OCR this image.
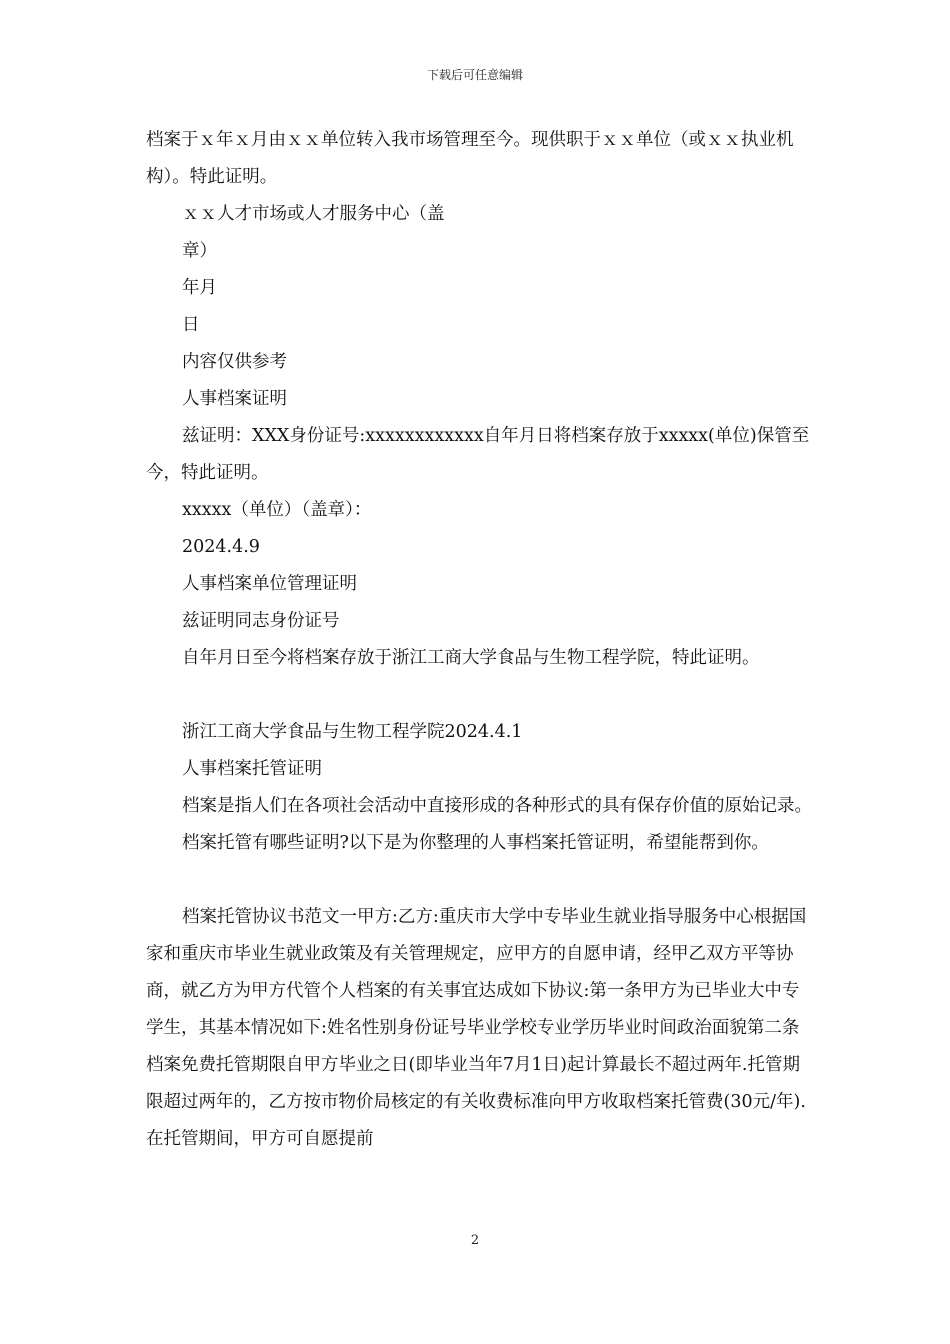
下载后可任意编辑

档案于ｘ年ｘ月由ｘｘ单位转入我市场管理至今。现供职于ｘｘ单位（或ｘｘ执业机构）。特此证明。

ｘｘ人才市场或人才服务中心（盖

章）

年月

日

内容仅供参考

人事档案证明

兹证明：XXX身份证号:xxxxxxxxxxxx自年月日将档案存放于xxxxx(单位)保管至今，特此证明。

xxxxx（单位）（盖章）：

2024.4.9

人事档案单位管理证明

兹证明同志身份证号

自年月日至今将档案存放于浙江工商大学食品与生物工程学院，特此证明。

浙江工商大学食品与生物工程学院2024.4.1

人事档案托管证明

档案是指人们在各项社会活动中直接形成的各种形式的具有保存价值的原始记录。

档案托管有哪些证明?以下是为你整理的人事档案托管证明，希望能帮到你。

档案托管协议书范文一甲方:乙方:重庆市大学中专毕业生就业指导服务中心根据国家和重庆市毕业生就业政策及有关管理规定，应甲方的自愿申请，经甲乙双方平等协商，就乙方为甲方代管个人档案的有关事宜达成如下协议:第一条甲方为已毕业大中专学生，其基本情况如下:姓名性别身份证号毕业学校专业学历毕业时间政治面貌第二条档案免费托管期限自甲方毕业之日(即毕业当年7月1日)起计算最长不超过两年.托管期限超过两年的，乙方按市物价局核定的有关收费标准向甲方收取档案托管费(30元/年).在托管期间，甲方可自愿提前

2
